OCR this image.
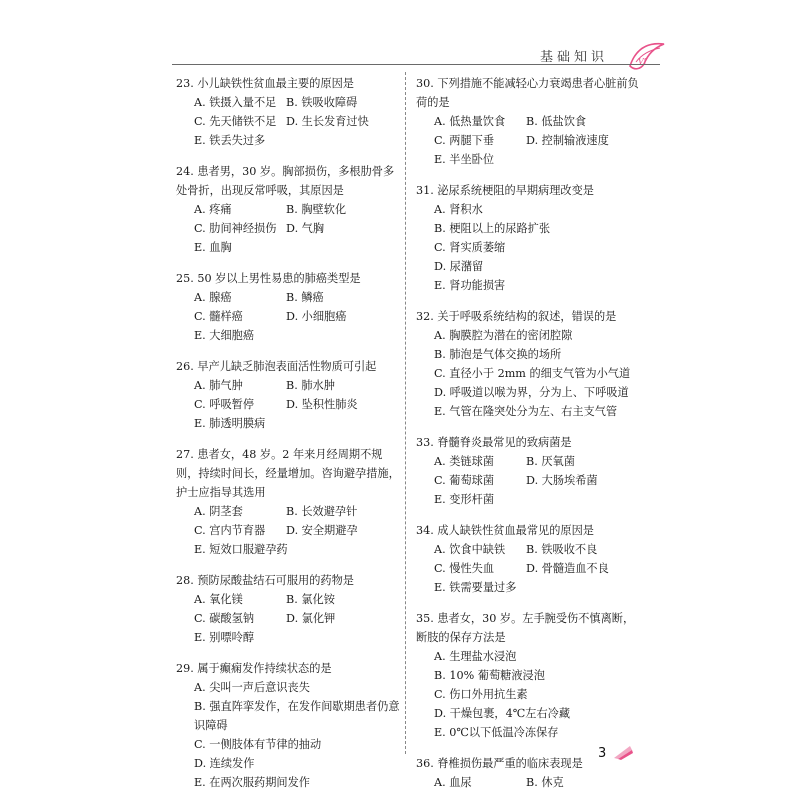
基础知识	Vi
23. 小儿缺铁性贫血最主要的原因是
A. 铁摄入量不足 B. 铁吸收障碍
C. 先天储铁不足 D. 生长发育过快
E. 铁丢失过多
24. 患者男，30 岁。胸部损伤，多根肋骨多处骨折，出现反常呼吸，其原因是
A. 疼痛	B. 胸壁软化
C. 肋间神经损伤 D. 气胸
E. 血胸
25. 50 岁以上男性易患的肺癌类型是
A. 腺癌	B. 鳞癌
C. 髓样癌	D. 小细胞癌
E. 大细胞癌
26. 早产儿缺乏肺泡表面活性物质可引起
A. 肺气肿	B. 肺水肿
C. 呼吸暂停	D. 坠积性肺炎
E. 肺透明膜病
27. 患者女，48 岁。2 年来月经周期不规则，持续时间长，经量增加。咨询避孕措施，护士应指导其选用
A. 阴茎套	B. 长效避孕针
C. 宫内节育器	D. 安全期避孕
E. 短效口服避孕药
28. 预防尿酸盐结石可服用的药物是
A. 氧化镁	B. 氯化铵
C. 碳酸氢钠	D. 氯化钾
E. 别嘌呤醇
29. 属于癫痫发作持续状态的是
A. 尖叫一声后意识丧失
B. 强直阵挛发作，在发作间歇期患者仍意识障碍
C. 一侧肢体有节律的抽动
D. 连续发作
E. 在两次服药期间发作
30. 下列措施不能减轻心力衰竭患者心脏前负荷的是
A. 低热量饮食	B. 低盐饮食
C. 两腿下垂	D. 控制输液速度
E. 半坐卧位
31. 泌尿系统梗阻的早期病理改变是
A. 肾积水
B. 梗阻以上的尿路扩张
C. 肾实质萎缩
D. 尿潴留
E. 肾功能损害
32. 关于呼吸系统结构的叙述，错误的是
A. 胸膜腔为潜在的密闭腔隙
B. 肺泡是气体交换的场所
C. 直径小于 2mm 的细支气管为小气道
D. 呼吸道以喉为界，分为上、下呼吸道
E. 气管在隆突处分为左、右主支气管
33. 脊髓脊炎最常见的致病菌是
A. 类链球菌	B. 厌氧菌
C. 葡萄球菌	D. 大肠埃希菌
E. 变形杆菌
34. 成人缺铁性贫血最常见的原因是
A. 饮食中缺铁	B. 铁吸收不良
C. 慢性失血	D. 骨髓造血不良
E. 铁需要量过多
35. 患者女，30 岁。左手腕受伤不慎离断，断肢的保存方法是
A. 生理盐水浸泡
B. 10% 葡萄糖液浸泡
C. 伤口外用抗生素
D. 干燥包裹，4℃左右冷藏
E. 0℃以下低温冷冻保存
36. 脊椎损伤最严重的临床表现是
A. 血尿	B. 休克
3
